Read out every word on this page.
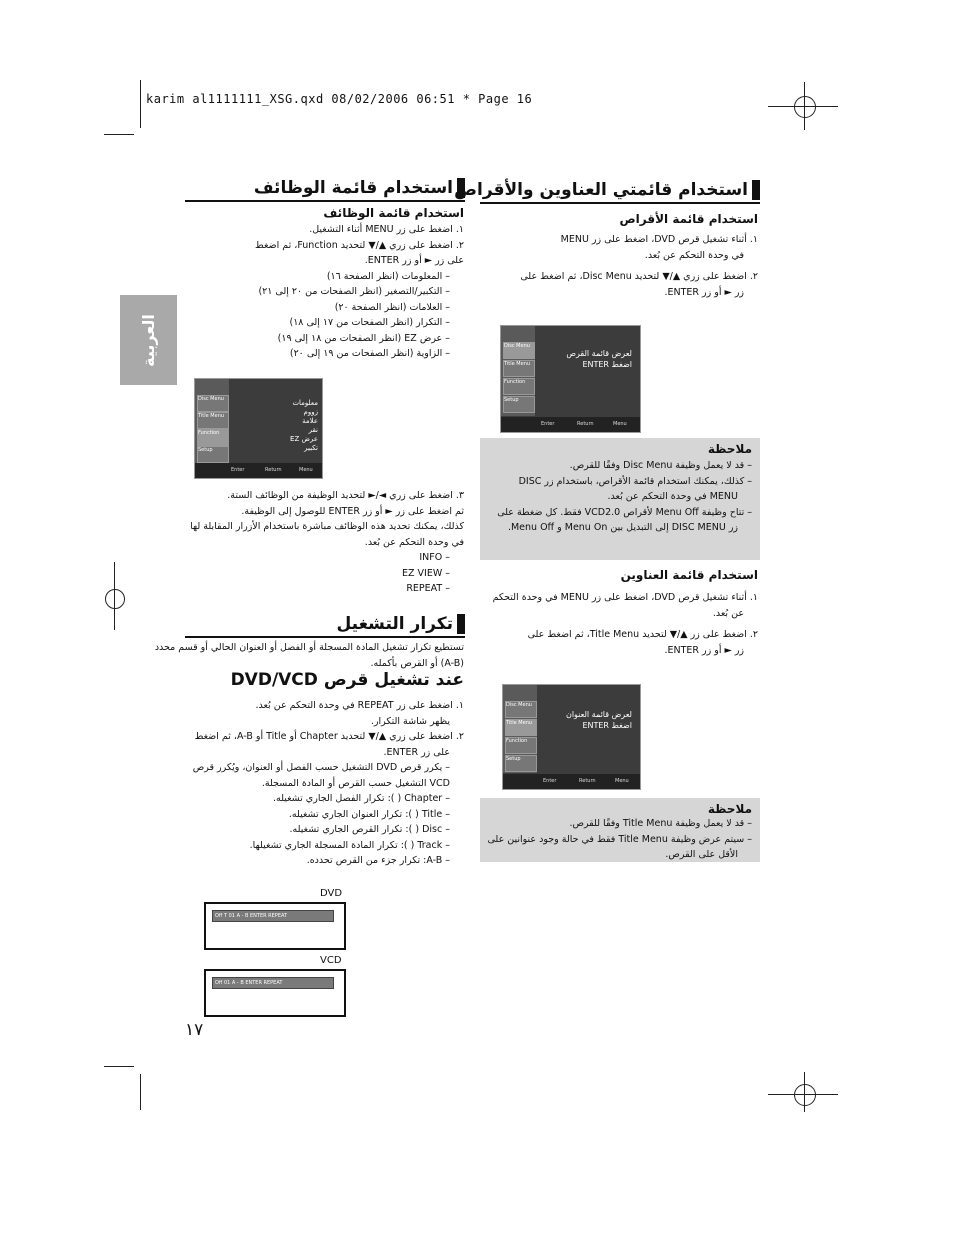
karim al1111111_XSG.qxd 08/02/2006 06:51 * Page 16
العربية
استخدام قائمة الوظائف
استخدام قائمة الوظائف
١. اضغط على زر MENU أثناء التشغيل.
٢. اضغط على زري ▲/▼ لتحديد Function، ثم اضغط
على زر ► أو زر ENTER.
– المعلومات (انظر الصفحة ١٦)
– التكبير/التصغير (انظر الصفحات من ٢٠ إلى ٢١)
– العلامات (انظر الصفحة ٢٠)
– التكرار (انظر الصفحات من ١٧ إلى ١٨)
– عرض EZ (انظر الصفحات من ١٨ إلى ١٩)
– الزاوية (انظر الصفحات من ١٩ إلى ٢٠)
Disc Menu
Title Menu
Function
Setup
معلومات
زووم
علامة
نقر
عرض EZ
تكبير
Enter	Return	Menu
٣. اضغط على زري ◄/► لتحديد الوظيفة من الوظائف الستة.
ثم اضغط على زر ► أو زر ENTER للوصول إلى الوظيفة.
كذلك، يمكنك تحديد هذه الوظائف مباشرة باستخدام الأزرار المقابلة لها
في وحدة التحكم عن بُعد.
– INFO
– EZ VIEW
– REPEAT
تكرار التشغيل
تستطيع تكرار تشغيل المادة المسجلة أو الفصل أو العنوان الحالي أو قسم محدد
(A-B) أو القرص بأكمله.
عند تشغيل قرص DVD/VCD
١. اضغط على زر REPEAT في وحدة التحكم عن بُعد.
يظهر شاشة التكرار.
٢. اضغط على زري ▲/▼ لتحديد Chapter أو Title أو A-B، ثم اضغط
على زر ENTER.
– يكرر قرص DVD التشغيل حسب الفصل أو العنوان، ويُكرر قرص
VCD التشغيل حسب القرص أو المادة المسجلة.
– Chapter ( ): تكرار الفصل الجاري تشغيله.
– Title ( ): تكرار العنوان الجاري تشغيله.
– Disc ( ): تكرار القرص الجاري تشغيله.
– Track ( ): تكرار المادة المسجلة الجاري تشغيلها.
– A-B: تكرار جزء من القرص تحدده.
DVD
Off T 01 A - B ENTER REPEAT
VCD
Off 01 A - B ENTER REPEAT
١٧
استخدام قائمتي العناوين والأقراص
استخدام قائمة الأقراص
١. أثناء تشغيل قرص DVD، اضغط على زر MENU
في وحدة التحكم عن بُعد.
٢. اضغط على زري ▲/▼ لتحديد Disc Menu، ثم اضغط على
زر ► أو زر ENTER.
Disc Menu
Title Menu
Function
Setup
لعرض قائمة القرص
اضغط ENTER
Enter	Return	Menu
ملاحظة
– قد لا يعمل وظيفة Disc Menu وفقًا للقرص.
– كذلك، يمكنك استخدام قائمة الأقراص، باستخدام زر DISC
MENU في وحدة التحكم عن بُعد.
– تتاح وظيفة Menu Off لأقراص VCD2.0 فقط. كل ضغطة على
زر DISC MENU إلى التبديل بين Menu On و Menu Off.
استخدام قائمة العناوين
١. أثناء تشغيل قرص DVD، اضغط على زر MENU في وحدة التحكم
عن بُعد.
٢. اضغط على زر ▲/▼ لتحديد Title Menu، ثم اضغط على
زر ► أو زر ENTER.
Disc Menu
Title Menu
Function
Setup
لعرض قائمة العنوان
اضغط ENTER
Enter	Return	Menu
ملاحظة
– قد لا يعمل وظيفة Title Menu وفقًا للقرص.
– سيتم عرض وظيفة Title Menu فقط في حالة وجود عنوانين على
الأقل على القرص.
